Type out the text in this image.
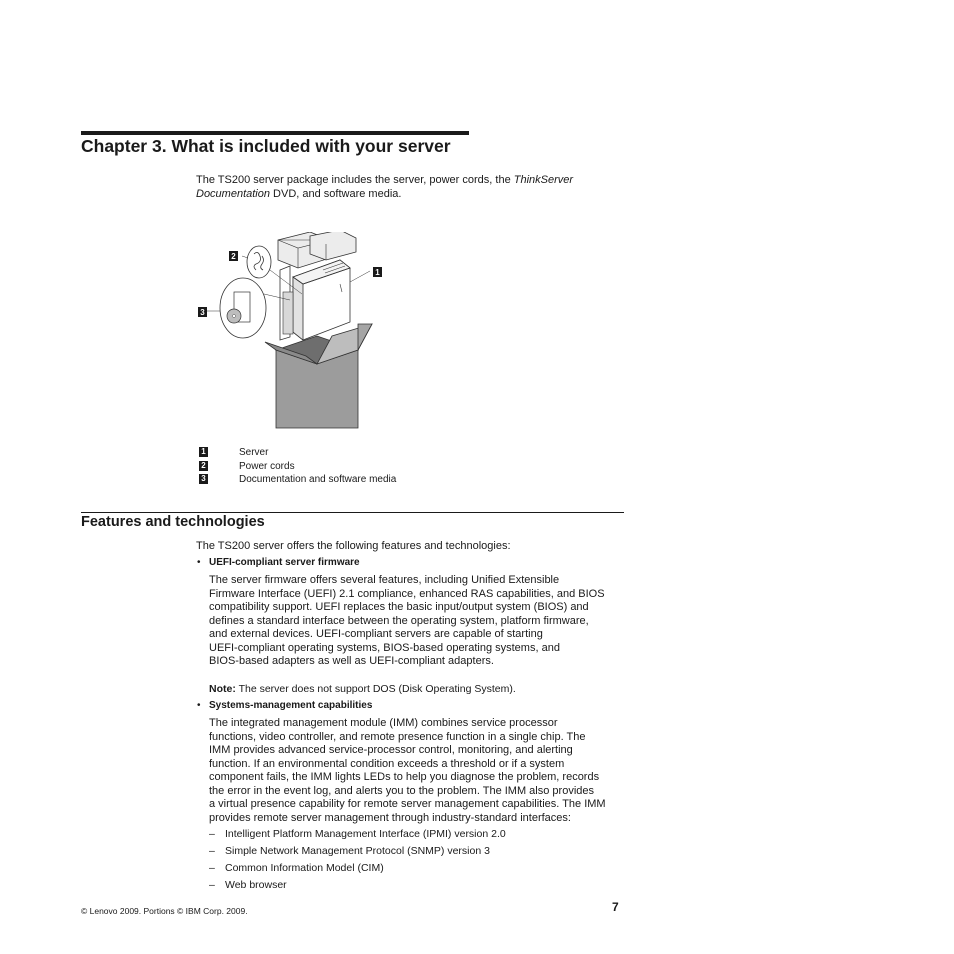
Chapter 3. What is included with your server
The TS200 server package includes the server, power cords, the ThinkServer Documentation DVD, and software media.
1
2
3
1	Server
2	Power cords
3	Documentation and software media
Features and technologies
The TS200 server offers the following features and technologies:
• UEFI-compliant server firmware
The server firmware offers several features, including Unified Extensible
Firmware Interface (UEFI) 2.1 compliance, enhanced RAS capabilities, and BIOS
compatibility support. UEFI replaces the basic input/output system (BIOS) and
defines a standard interface between the operating system, platform firmware,
and external devices. UEFI-compliant servers are capable of starting
UEFI-compliant operating systems, BIOS-based operating systems, and
BIOS-based adapters as well as UEFI-compliant adapters.
Note: The server does not support DOS (Disk Operating System).
• Systems-management capabilities
The integrated management module (IMM) combines service processor
functions, video controller, and remote presence function in a single chip. The
IMM provides advanced service-processor control, monitoring, and alerting
function. If an environmental condition exceeds a threshold or if a system
component fails, the IMM lights LEDs to help you diagnose the problem, records
the error in the event log, and alerts you to the problem. The IMM also provides
a virtual presence capability for remote server management capabilities. The IMM
provides remote server management through industry-standard interfaces:
– Intelligent Platform Management Interface (IPMI) version 2.0
– Simple Network Management Protocol (SNMP) version 3
– Common Information Model (CIM)
– Web browser
© Lenovo 2009. Portions © IBM Corp. 2009.	7
